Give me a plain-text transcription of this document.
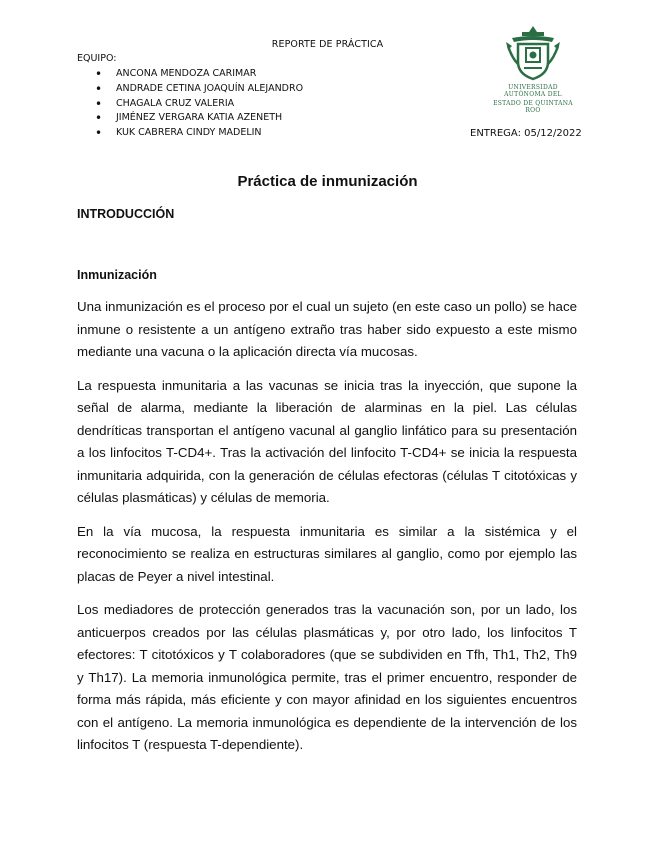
REPORTE DE PRÁCTICA
EQUIPO:
• ANCONA MENDOZA CARIMAR
• ANDRADE CETINA JOAQUÍN ALEJANDRO
• CHAGALA CRUZ VALERIA
• JIMÉNEZ VERGARA KATIA AZENETH
• KUK CABRERA CINDY MADELIN	ENTREGA: 05/12/2022
UNIVERSIDAD AUTÓNOMA DEL
ESTADO DE QUINTANA ROO
Práctica de inmunización
INTRODUCCIÓN
Inmunización

Una inmunización es el proceso por el cual un sujeto (en este caso un pollo) se hace inmune o resistente a un antígeno extraño tras haber sido expuesto a este mismo mediante una vacuna o la aplicación directa vía mucosas.

La respuesta inmunitaria a las vacunas se inicia tras la inyección, que supone la señal de alarma, mediante la liberación de alarminas en la piel. Las células dendríticas transportan el antígeno vacunal al ganglio linfático para su presentación a los linfocitos T-CD4+. Tras la activación del linfocito T-CD4+ se inicia la respuesta inmunitaria adquirida, con la generación de células efectoras (células T citotóxicas y células plasmáticas) y células de memoria.

En la vía mucosa, la respuesta inmunitaria es similar a la sistémica y el reconocimiento se realiza en estructuras similares al ganglio, como por ejemplo las placas de Peyer a nivel intestinal.

Los mediadores de protección generados tras la vacunación son, por un lado, los anticuerpos creados por las células plasmáticas y, por otro lado, los linfocitos T efectores: T citotóxicos y T colaboradores (que se subdividen en Tfh, Th1, Th2, Th9 y Th17). La memoria inmunológica permite, tras el primer encuentro, responder de forma más rápida, más eficiente y con mayor afinidad en los siguientes encuentros con el antígeno. La memoria inmunológica es dependiente de la intervención de los linfocitos T (respuesta T-dependiente).
